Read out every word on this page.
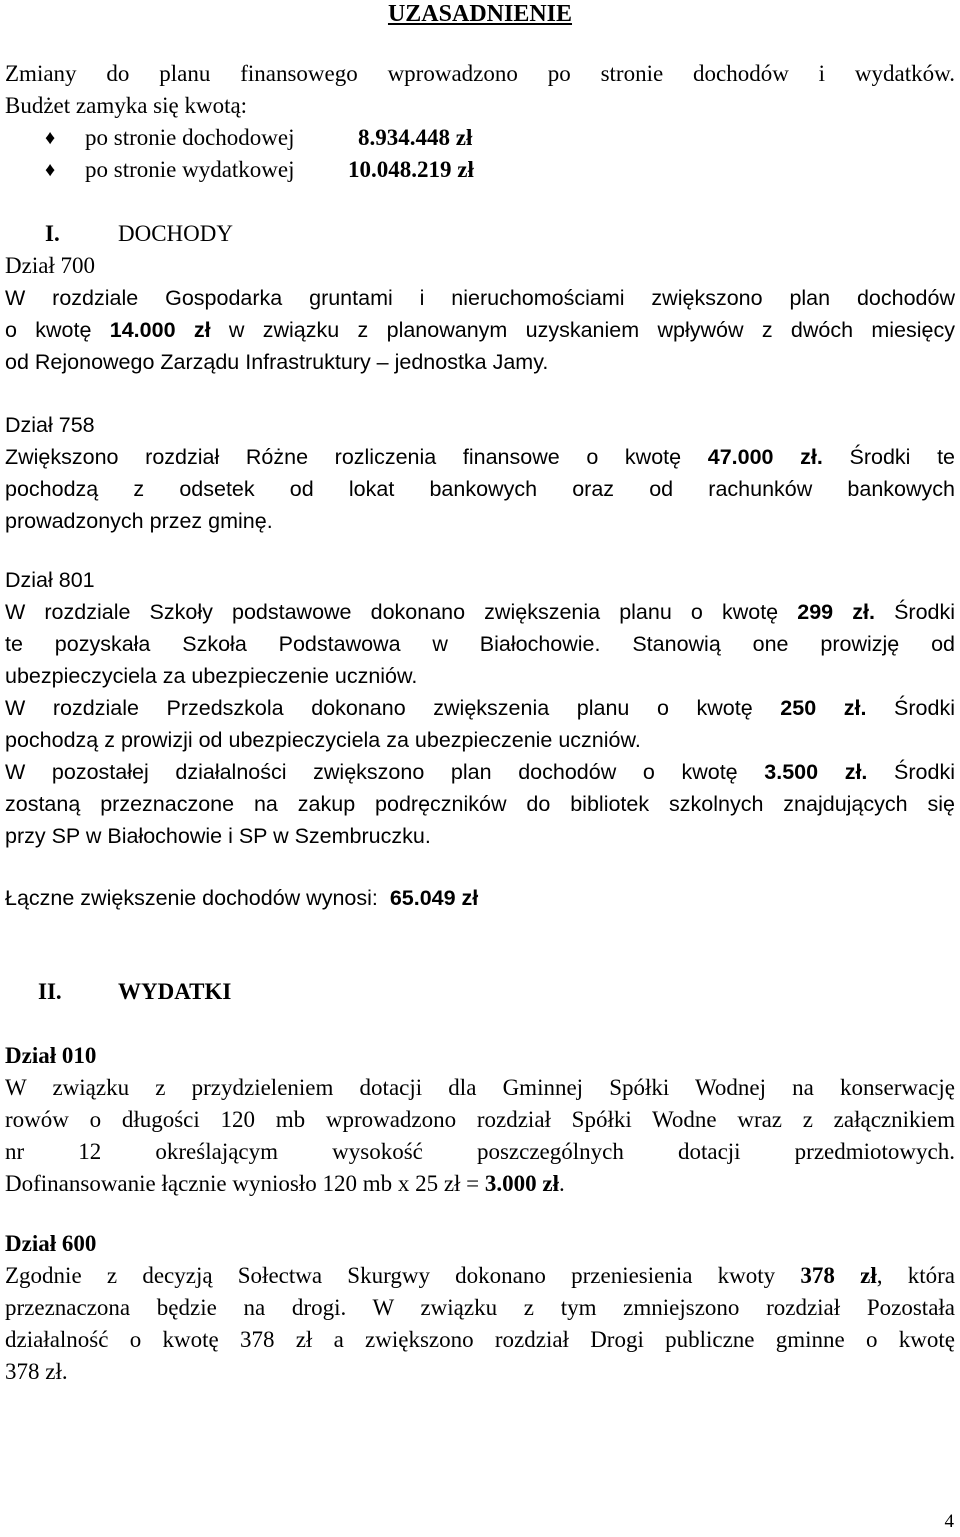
UZASADNIENIE
Zmiany do planu finansowego wprowadzono po stronie dochodów i wydatków.
Budżet zamyka się kwotą:
♦ po stronie dochodowej	8.934.448 zł
♦ po stronie wydatkowej 10.048.219 zł
I.	DOCHODY
Dział 700
W rozdziale Gospodarka gruntami i nieruchomościami zwiększono plan dochodów
o kwotę 14.000 zł w związku z planowanym uzyskaniem wpływów z dwóch miesięcy
od Rejonowego Zarządu Infrastruktury – jednostka Jamy.
Dział 758
Zwiększono rozdział Różne rozliczenia finansowe o kwotę 47.000 zł. Środki te
pochodzą z odsetek od lokat bankowych oraz od rachunków bankowych
prowadzonych przez gminę.
Dział 801
W rozdziale Szkoły podstawowe dokonano zwiększenia planu o kwotę 299 zł. Środki
te pozyskała Szkoła Podstawowa w Białochowie. Stanowią one prowizję od
ubezpieczyciela za ubezpieczenie uczniów.
W rozdziale Przedszkola dokonano zwiększenia planu o kwotę 250 zł. Środki
pochodzą z prowizji od ubezpieczyciela za ubezpieczenie uczniów.
W pozostałej działalności zwiększono plan dochodów o kwotę 3.500 zł. Środki
zostaną przeznaczone na zakup podręczników do bibliotek szkolnych znajdujących się
przy SP w Białochowie i SP w Szembruczku.
Łączne zwiększenie dochodów wynosi: 65.049 zł
II. WYDATKI
Dział 010
W związku z przydzieleniem dotacji dla Gminnej Spółki Wodnej na konserwację
rowów o długości 120 mb wprowadzono rozdział Spółki Wodne wraz z załącznikiem
nr 12 określającym wysokość poszczególnych dotacji przedmiotowych.
Dofinansowanie łącznie wyniosło 120 mb x 25 zł = 3.000 zł.
Dział 600
Zgodnie z decyzją Sołectwa Skurgwy dokonano przeniesienia kwoty 378 zł, która
przeznaczona będzie na drogi. W związku z tym zmniejszono rozdział Pozostała
działalność o kwotę 378 zł a zwiększono rozdział Drogi publiczne gminne o kwotę
378 zł.
4
